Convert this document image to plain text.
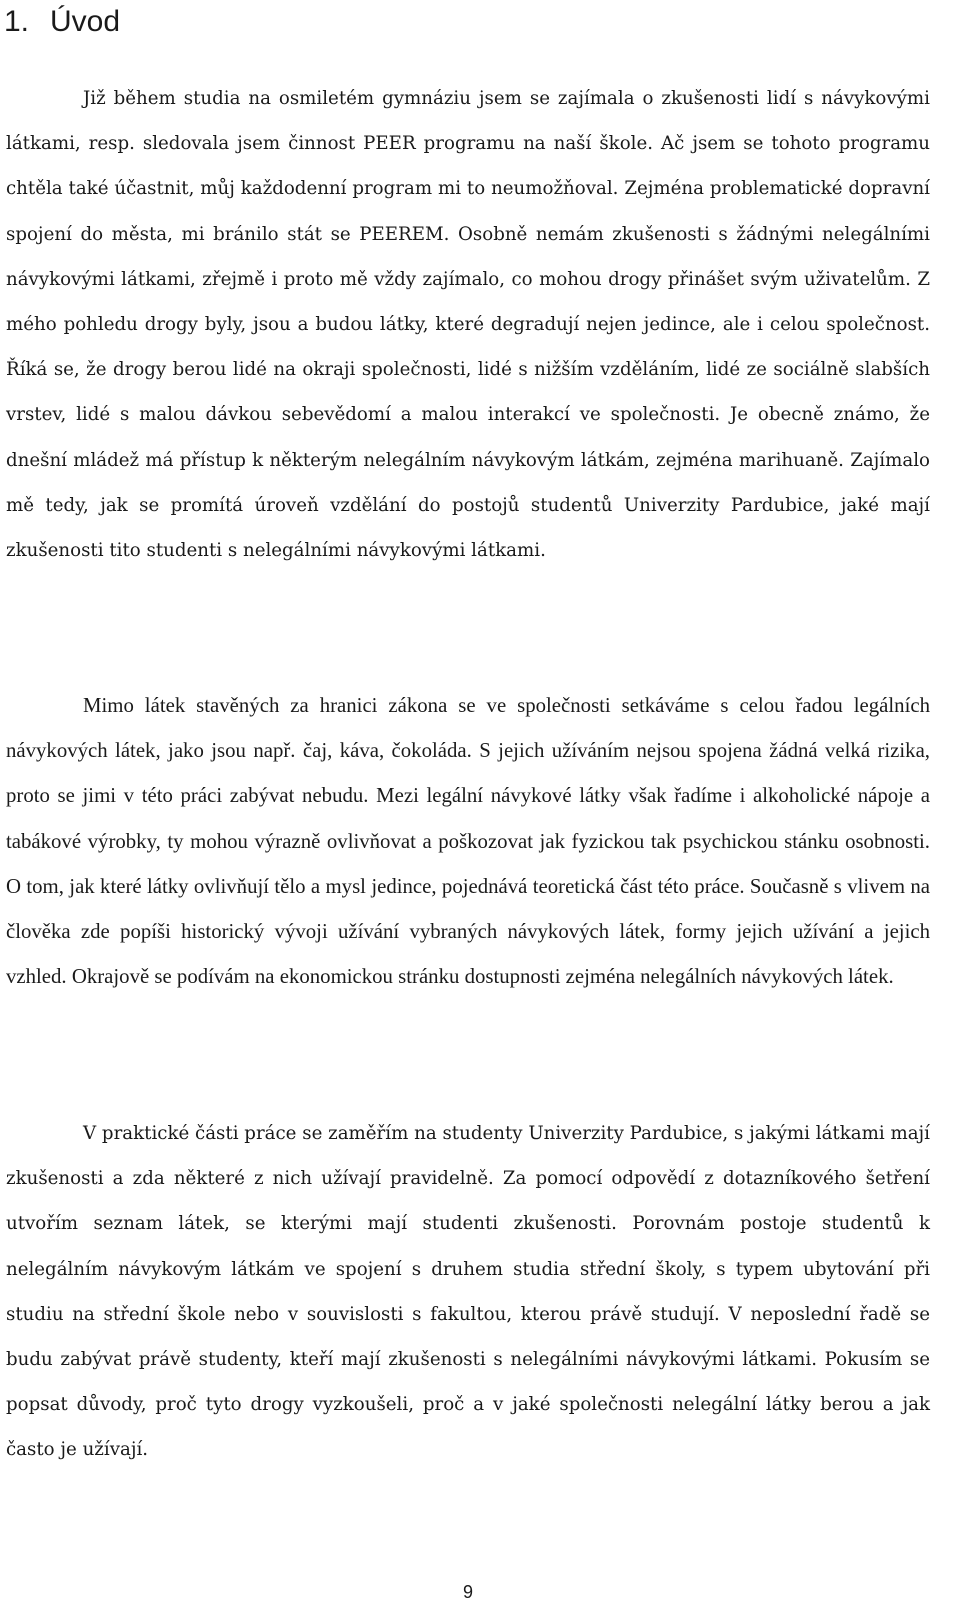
1. Úvod

Již během studia na osmiletém gymnáziu jsem se zajímala o zkušenosti lidí s návykovými látkami, resp. sledovala jsem činnost PEER programu na naší škole. Ač jsem se tohoto programu chtěla také účastnit, můj každodenní program mi to neumožňoval. Zejména problematické dopravní spojení do města, mi bránilo stát se PEEREM. Osobně nemám zkušenosti s žádnými nelegálními návykovými látkami, zřejmě i proto mě vždy zajímalo, co mohou drogy přinášet svým uživatelům. Z mého pohledu drogy byly, jsou a budou látky, které degradují nejen jedince, ale i celou společnost. Říká se, že drogy berou lidé na okraji společnosti, lidé s nižším vzděláním, lidé ze sociálně slabších vrstev, lidé s malou dávkou sebevědomí a malou interakcí ve společnosti. Je obecně známo, že dnešní mládež má přístup k některým nelegálním návykovým látkám, zejména marihuaně. Zajímalo mě tedy, jak se promítá úroveň vzdělání do postojů studentů Univerzity Pardubice, jaké mají zkušenosti tito studenti s nelegálními návykovými látkami.

Mimo látek stavěných za hranici zákona se ve společnosti setkáváme s celou řadou legálních návykových látek, jako jsou např. čaj, káva, čokoláda. S jejich užíváním nejsou spojena žádná velká rizika, proto se jimi v této práci zabývat nebudu. Mezi legální návykové látky však řadíme i alkoholické nápoje a tabákové výrobky, ty mohou výrazně ovlivňovat a poškozovat jak fyzickou tak psychickou stánku osobnosti. O tom, jak které látky ovlivňují tělo a mysl jedince, pojednává teoretická část této práce. Současně s vlivem na člověka zde popíši historický vývoji užívání vybraných návykových látek, formy jejich užívání a jejich vzhled. Okrajově se podívám na ekonomickou stránku dostupnosti zejména nelegálních návykových látek.

V praktické části práce se zaměřím na studenty Univerzity Pardubice, s jakými látkami mají zkušenosti a zda některé z nich užívají pravidelně. Za pomocí odpovědí z dotazníkového šetření utvořím seznam látek, se kterými mají studenti zkušenosti. Porovnám postoje studentů k nelegálním návykovým látkám ve spojení s druhem studia střední školy, s typem ubytování při studiu na střední škole nebo v souvislosti s fakultou, kterou právě studují. V neposlední řadě se budu zabývat právě studenty, kteří mají zkušenosti s nelegálními návykovými látkami. Pokusím se popsat důvody, proč tyto drogy vyzkoušeli, proč a v jaké společnosti nelegální látky berou a jak často je užívají.

9
